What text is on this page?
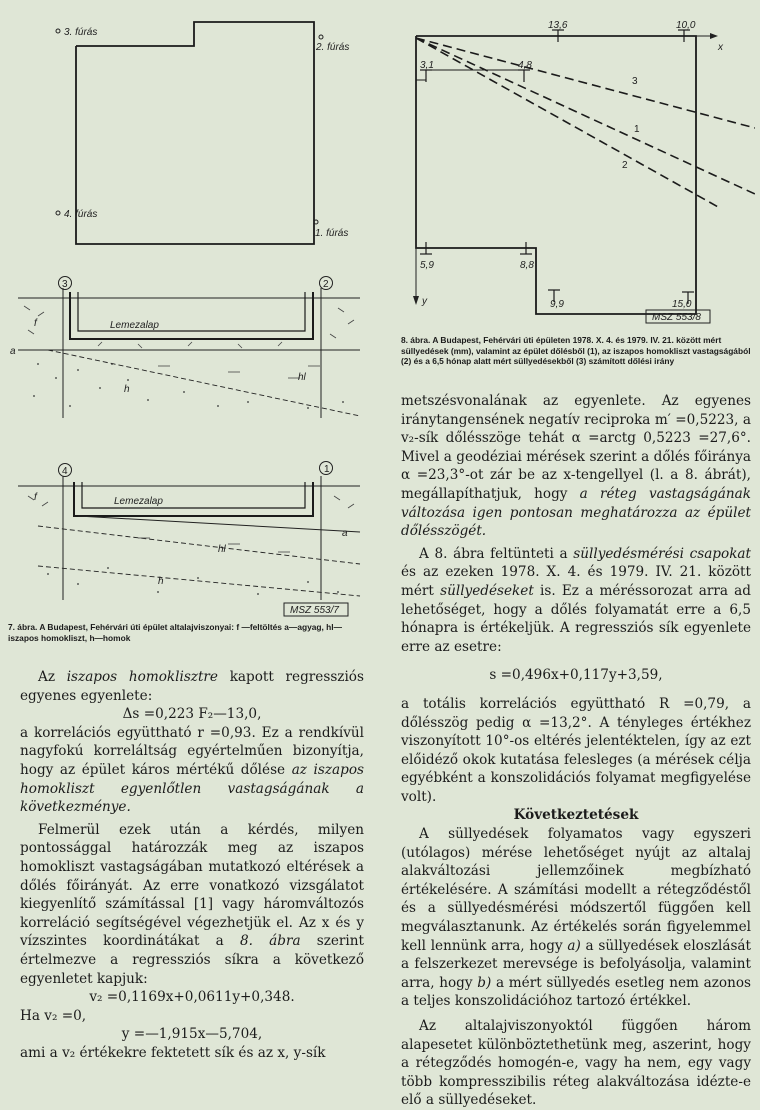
3. fúrás
2. fúrás
4. fúrás
1. fúrás
3	2
Lemezalap
f
a
hl
h
4	1
Lemezalap
f
a
hl
h
MSZ 553/7
7. ábra. A Budapest, Fehérvári úti épület altalajviszonyai: f —feltöltés a—agyag, hl—iszapos homokliszt, h—homok
x
y
3
1
2
13,6	10,0
3,1	4,8
5,9	8,8
9,9	15,0
MSZ 553/8
8. ábra. A Budapest, Fehérvári úti épületen 1978. X. 4. és 1979. IV. 21. között mért süllyedések (mm), valamint az épület dőlésből (1), az iszapos homokliszt vastagságából (2) és a 6,5 hónap alatt mért süllyedésekből (3) számított dőlési irány

Az iszapos homoklisztre kapott regressziós egyenes egyenlete:

Δs =0,223 F₂—13,0,

a korrelációs együttható r =0,93. Ez a rendkívül nagyfokú korreláltság egyértelműen bizonyítja, hogy az épület káros mértékű dőlése az iszapos homokliszt egyenlőtlen vastagságának a következménye.

Felmerül ezek után a kérdés, milyen pontossággal határozzák meg az iszapos homokliszt vastagságában mutatkozó eltérések a dőlés főirányát. Az erre vonatkozó vizsgálatot kiegyenlítő számítással [1] vagy háromváltozós korreláció segítségével végezhetjük el. Az x és y vízszintes koordinátákat a 8. ábra szerint értelmezve a regressziós síkra a következő egyenletet kapjuk:

v₂ =0,1169x+0,0611y+0,348.

Ha v₂ =0,

y =—1,915x—5,704,

ami a v₂ értékekre fektetett sík és az x, y-sík

metszésvonalának az egyenlete. Az egyenes iránytangensének negatív reciproka m′ =0,5223, a v₂-sík dőlésszöge tehát α =arctg 0,5223 =27,6°. Mivel a geodéziai mérések szerint a dőlés főiránya α =23,3°-ot zár be az x-tengellyel (l. a 8. ábrát), megállapíthatjuk, hogy a réteg vastagságának változása igen pontosan meghatározza az épület dőlésszögét.

A 8. ábra feltünteti a süllyedésmérési csapokat és az ezeken 1978. X. 4. és 1979. IV. 21. között mért süllyedéseket is. Ez a méréssorozat arra ad lehetőséget, hogy a dőlés folyamatát erre a 6,5 hónapra is értékeljük. A regressziós sík egyenlete erre az esetre:

s =0,496x+0,117y+3,59,

a totális korrelációs együttható R =0,79, a dőlésszög pedig α =13,2°. A tényleges értékhez viszonyított 10°-os eltérés jelentéktelen, így az ezt előidéző okok kutatása felesleges (a mérések célja egyébként a konszolidációs folyamat megfigyelése volt).

Következtetések

A süllyedések folyamatos vagy egyszeri (utólagos) mérése lehetőséget nyújt az altalaj alakváltozási jellemzőinek megbízható értékelésére. A számítási modellt a rétegződéstől és a süllyedésmérési módszertől függően kell megválasztanunk. Az értékelés során figyelemmel kell lennünk arra, hogy a) a süllyedések eloszlását a felszerkezet merevsége is befolyásolja, valamint arra, hogy b) a mért süllyedés esetleg nem azonos a teljes konszolidációhoz tartozó értékkel.

Az altalajviszonyoktól függően három alapesetet különböztethetünk meg, aszerint, hogy a rétegződés homogén-e, vagy ha nem, egy vagy több kompresszibilis réteg alakváltozása idézte-e elő a süllyedéseket.
